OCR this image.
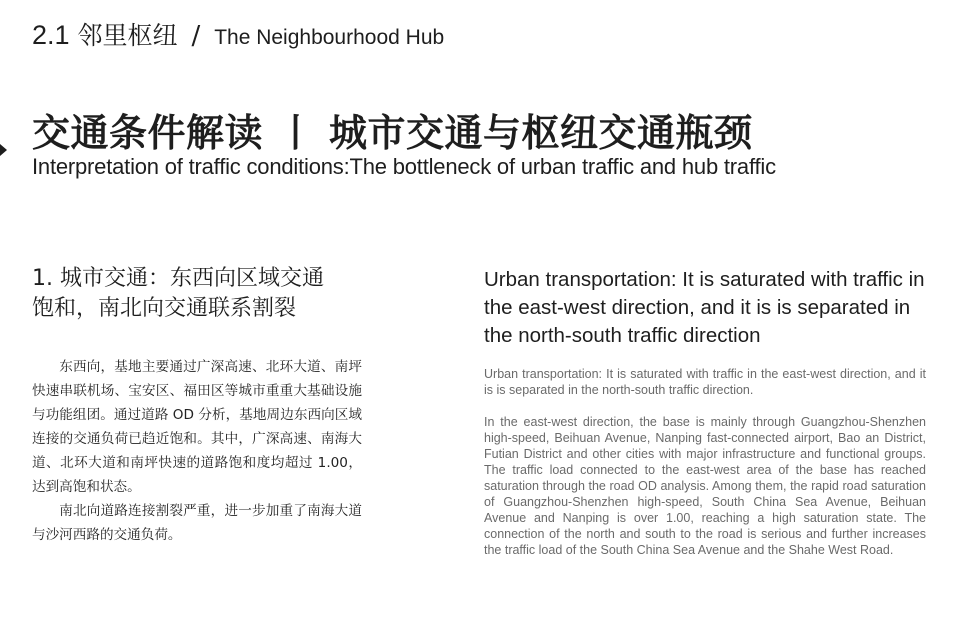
2.1 邻里枢纽 / The Neighbourhood Hub
交通条件解读 丨 城市交通与枢纽交通瓶颈
Interpretation of traffic conditions:The bottleneck of urban traffic and hub traffic
1. 城市交通：东西向区域交通
饱和，南北向交通联系割裂

东西向，基地主要通过广深高速、北环大道、南坪快速串联机场、宝安区、福田区等城市重重大基础设施与功能组团。通过道路 OD 分析，基地周边东西向区域连接的交通负荷已趋近饱和。其中，广深高速、南海大道、北环大道和南坪快速的道路饱和度均超过 1.00，达到高饱和状态。

南北向道路连接割裂严重，进一步加重了南海大道与沙河西路的交通负荷。

Urban transportation: It is saturated with traffic in the east-west direction, and it is is separated in the north-south traffic direction
Urban transportation: It is saturated with traffic in the east-west direction, and it is is separated in the north-south traffic direction.
In the east-west direction, the base is mainly through Guangzhou-Shenzhen high-speed, Beihuan Avenue, Nanping fast-connected airport, Bao an District, Futian District and other cities with major infrastructure and functional groups. The traffic load connected to the east-west area of the base has reached saturation through the road OD analysis. Among them, the rapid road saturation of Guangzhou-Shenzhen high-speed, South China Sea Avenue, Beihuan Avenue and Nanping is over 1.00, reaching a high saturation state. The connection of the north and south to the road is serious and further increases the traffic load of the South China Sea Avenue and the Shahe West Road.
